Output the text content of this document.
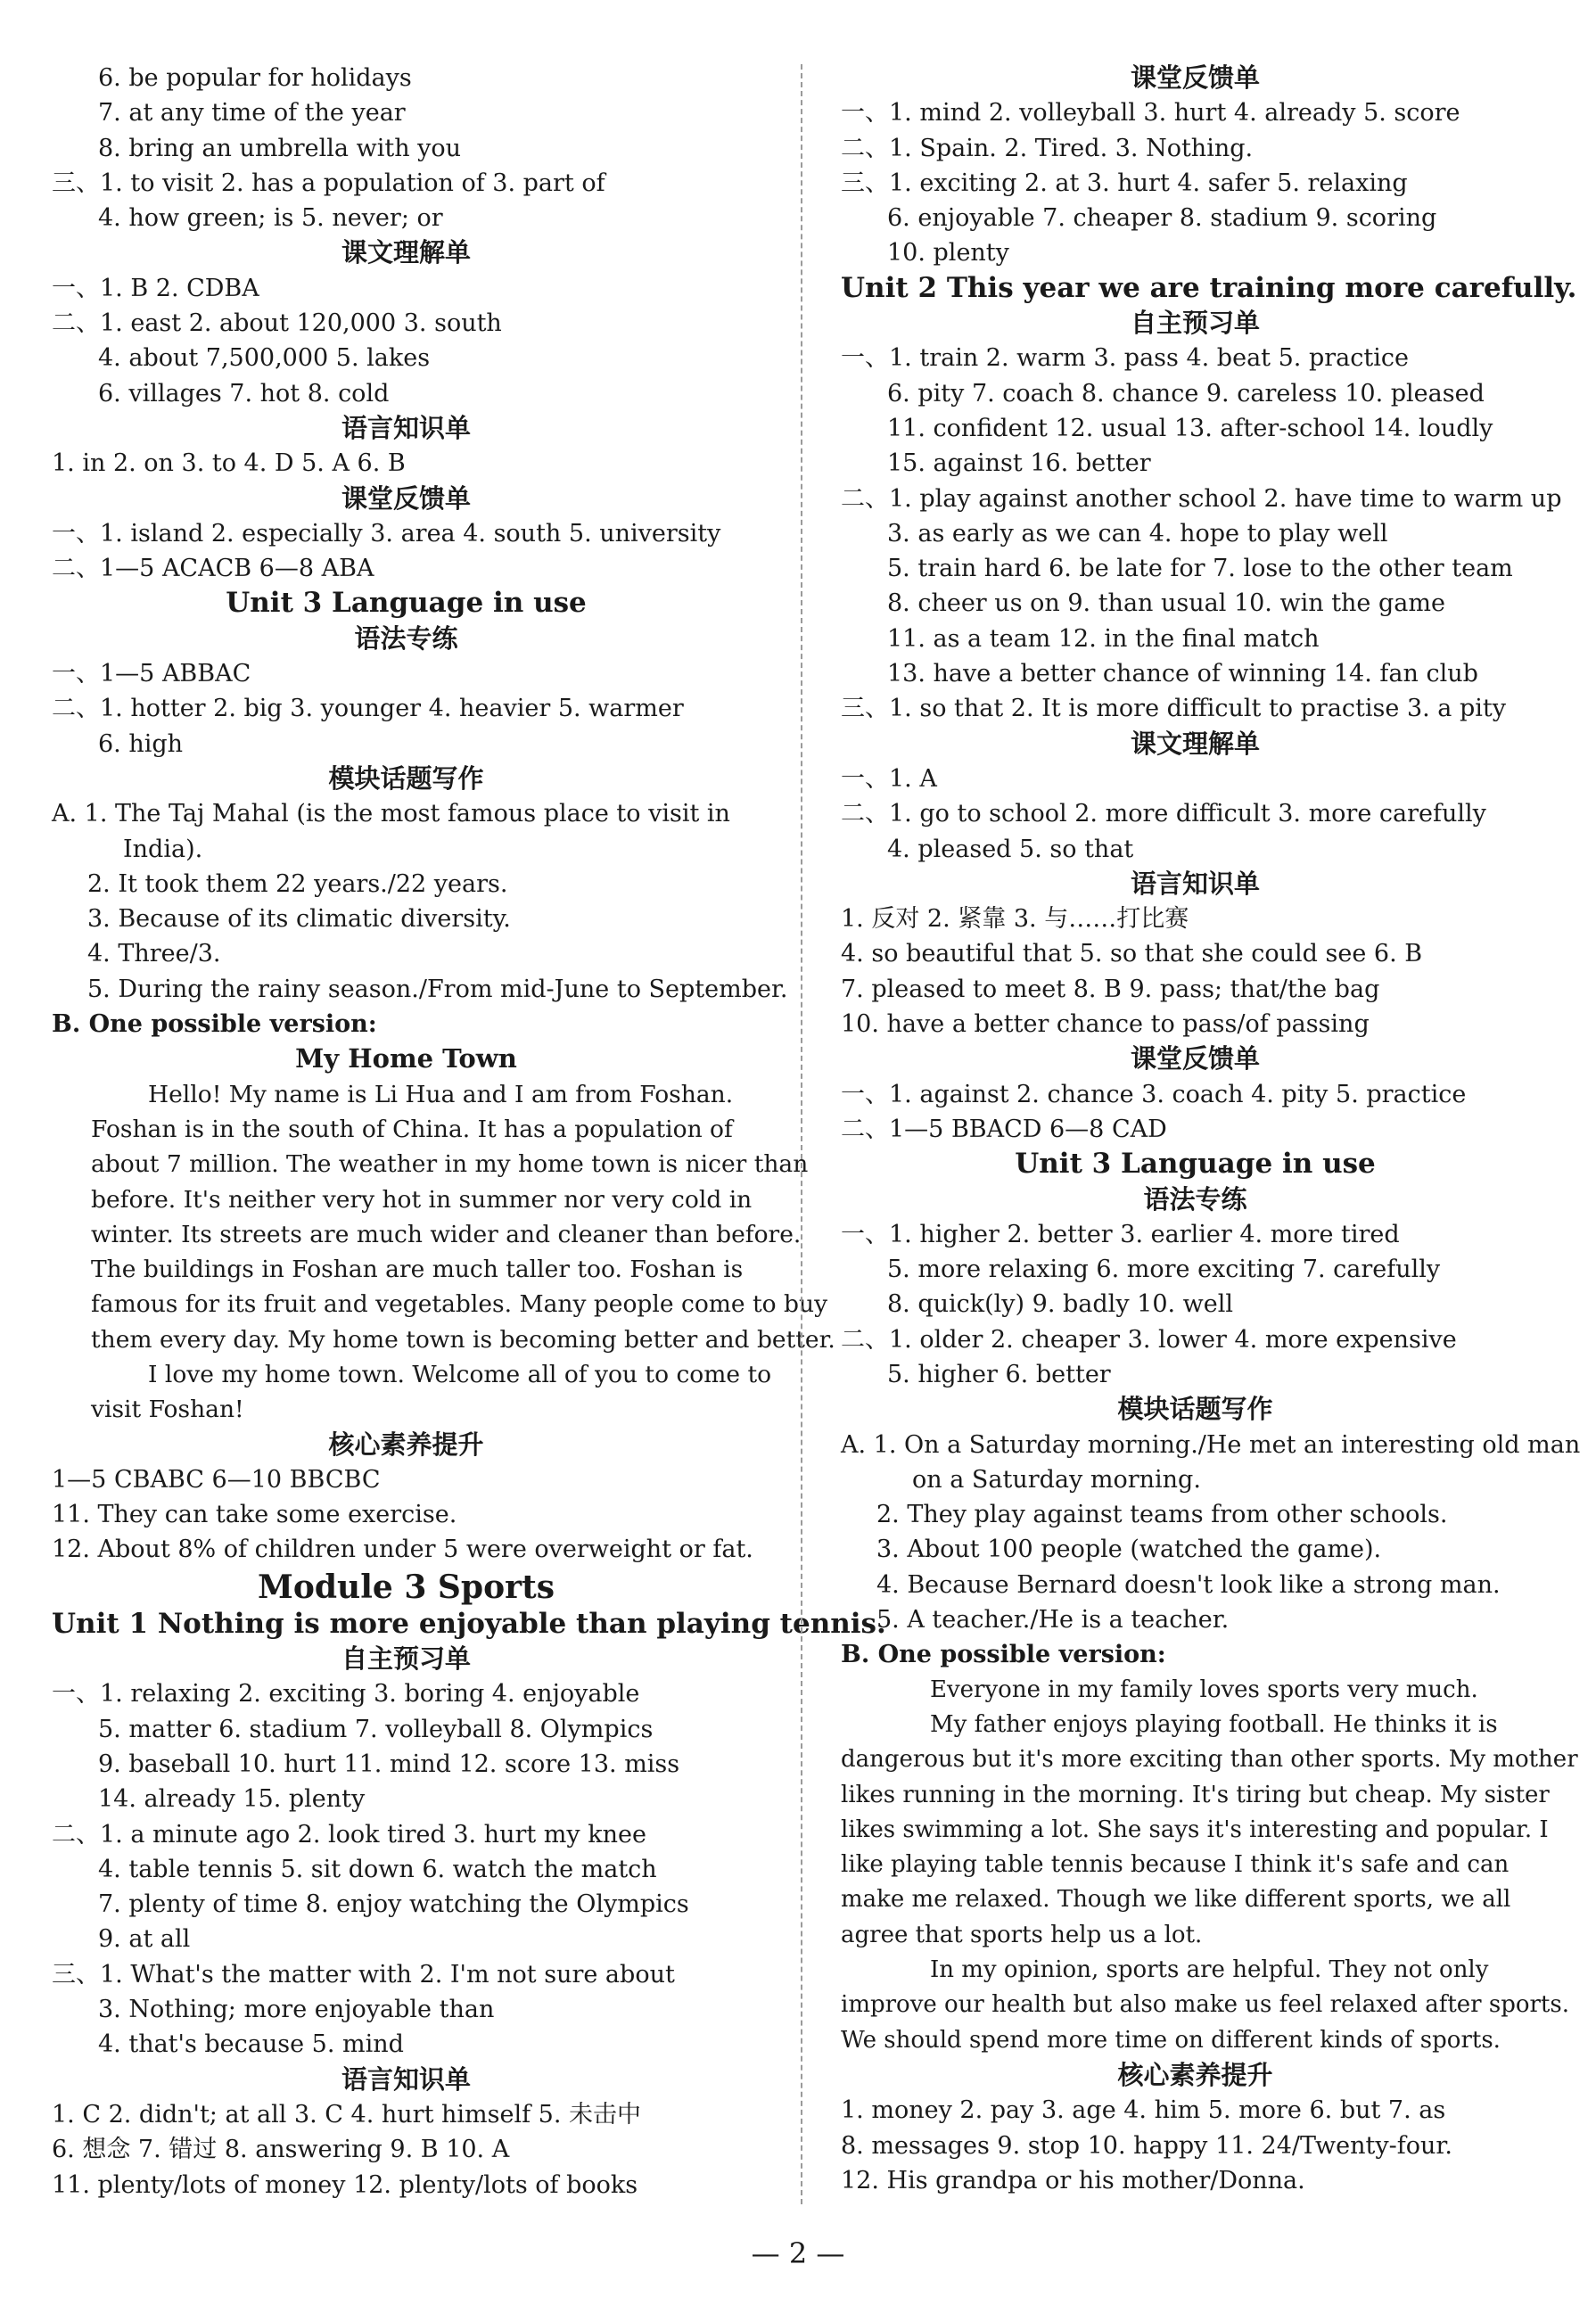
6. be popular for holidays
7. at any time of the year
8. bring an umbrella with you
三、1. to visit 2. has a population of 3. part of
4. how green; is 5. never; or
课文理解单
一、1. B 2. CDBA
二、1. east 2. about 120,000 3. south
4. about 7,500,000 5. lakes
6. villages 7. hot 8. cold
语言知识单
1. in 2. on 3. to 4. D 5. A 6. B
课堂反馈单
一、1. island 2. especially 3. area 4. south 5. university
二、1—5 ACACB 6—8 ABA
Unit 3 Language in use
语法专练
一、1—5 ABBAC
二、1. hotter 2. big 3. younger 4. heavier 5. warmer
6. high
模块话题写作
A. 1. The Taj Mahal (is the most famous place to visit in
India).
2. It took them 22 years./22 years.
3. Because of its climatic diversity.
4. Three/3.
5. During the rainy season./From mid-June to September.
B. One possible version:
My Home Town
Hello! My name is Li Hua and I am from Foshan.
Foshan is in the south of China. It has a population of
about 7 million. The weather in my home town is nicer than
before. It's neither very hot in summer nor very cold in
winter. Its streets are much wider and cleaner than before.
The buildings in Foshan are much taller too. Foshan is
famous for its fruit and vegetables. Many people come to buy
them every day. My home town is becoming better and better.
I love my home town. Welcome all of you to come to
visit Foshan!
核心素养提升
1—5 CBABC 6—10 BBCBC
11. They can take some exercise.
12. About 8% of children under 5 were overweight or fat.
Module 3 Sports
Unit 1 Nothing is more enjoyable than playing tennis.
自主预习单
一、1. relaxing 2. exciting 3. boring 4. enjoyable
5. matter 6. stadium 7. volleyball 8. Olympics
9. baseball 10. hurt 11. mind 12. score 13. miss
14. already 15. plenty
二、1. a minute ago 2. look tired 3. hurt my knee
4. table tennis 5. sit down 6. watch the match
7. plenty of time 8. enjoy watching the Olympics
9. at all
三、1. What's the matter with 2. I'm not sure about
3. Nothing; more enjoyable than
4. that's because 5. mind
语言知识单
1. C 2. didn't; at all 3. C 4. hurt himself 5. 未击中
6. 想念 7. 错过 8. answering 9. B 10. A
11. plenty/lots of money 12. plenty/lots of books
课堂反馈单
一、1. mind 2. volleyball 3. hurt 4. already 5. score
二、1. Spain. 2. Tired. 3. Nothing.
三、1. exciting 2. at 3. hurt 4. safer 5. relaxing
6. enjoyable 7. cheaper 8. stadium 9. scoring
10. plenty
Unit 2 This year we are training more carefully.
自主预习单
一、1. train 2. warm 3. pass 4. beat 5. practice
6. pity 7. coach 8. chance 9. careless 10. pleased
11. confident 12. usual 13. after-school 14. loudly
15. against 16. better
二、1. play against another school 2. have time to warm up
3. as early as we can 4. hope to play well
5. train hard 6. be late for 7. lose to the other team
8. cheer us on 9. than usual 10. win the game
11. as a team 12. in the final match
13. have a better chance of winning 14. fan club
三、1. so that 2. It is more difficult to practise 3. a pity
课文理解单
一、1. A
二、1. go to school 2. more difficult 3. more carefully
4. pleased 5. so that
语言知识单
1. 反对 2. 紧靠 3. 与……打比赛
4. so beautiful that 5. so that she could see 6. B
7. pleased to meet 8. B 9. pass; that/the bag
10. have a better chance to pass/of passing
课堂反馈单
一、1. against 2. chance 3. coach 4. pity 5. practice
二、1—5 BBACD 6—8 CAD
Unit 3 Language in use
语法专练
一、1. higher 2. better 3. earlier 4. more tired
5. more relaxing 6. more exciting 7. carefully
8. quick(ly) 9. badly 10. well
二、1. older 2. cheaper 3. lower 4. more expensive
5. higher 6. better
模块话题写作
A. 1. On a Saturday morning./He met an interesting old man
on a Saturday morning.
2. They play against teams from other schools.
3. About 100 people (watched the game).
4. Because Bernard doesn't look like a strong man.
5. A teacher./He is a teacher.
B. One possible version:
Everyone in my family loves sports very much.
My father enjoys playing football. He thinks it is
dangerous but it's more exciting than other sports. My mother
likes running in the morning. It's tiring but cheap. My sister
likes swimming a lot. She says it's interesting and popular. I
like playing table tennis because I think it's safe and can
make me relaxed. Though we like different sports, we all
agree that sports help us a lot.
In my opinion, sports are helpful. They not only
improve our health but also make us feel relaxed after sports.
We should spend more time on different kinds of sports.
核心素养提升
1. money 2. pay 3. age 4. him 5. more 6. but 7. as
8. messages 9. stop 10. happy 11. 24/Twenty-four.
12. His grandpa or his mother/Donna.
— 2 —
